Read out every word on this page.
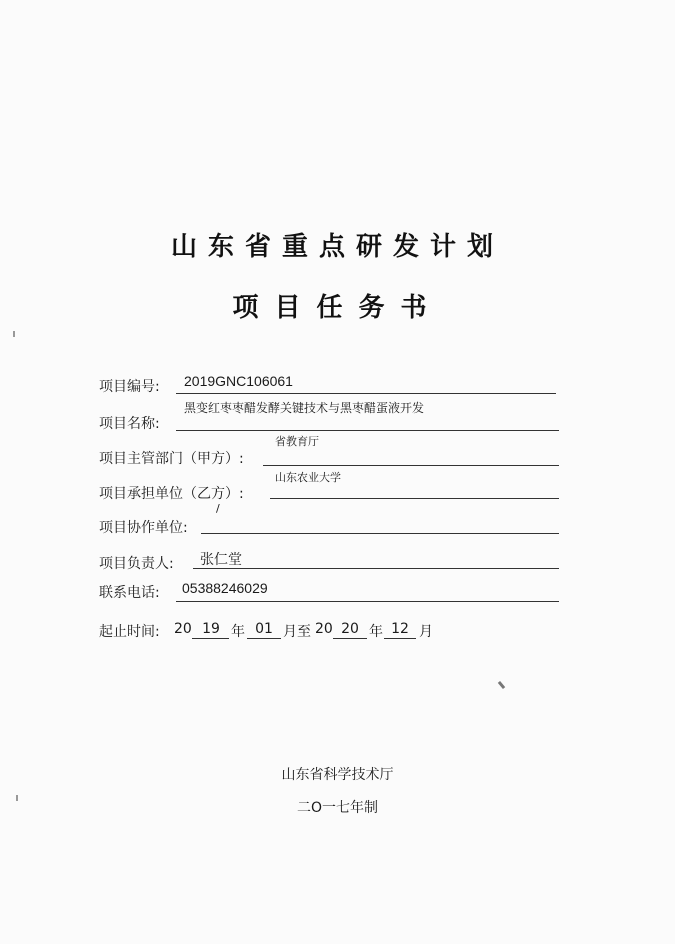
山东省重点研发计划
项目任务书
项目编号: 2019GNC106061
黑变红枣枣醋发酵关键技术与黑枣醋蛋液开发
项目名称:
省教育厅
项目主管部门（甲方）:
山东农业大学
项目承担单位（乙方）:
/
项目协作单位:
项目负责人: 张仁堂
联系电话: 05388246029
起止时间: 20 19 年 01 月至 20 20 年 12 月
山东省科学技术厅
二O一七年制
